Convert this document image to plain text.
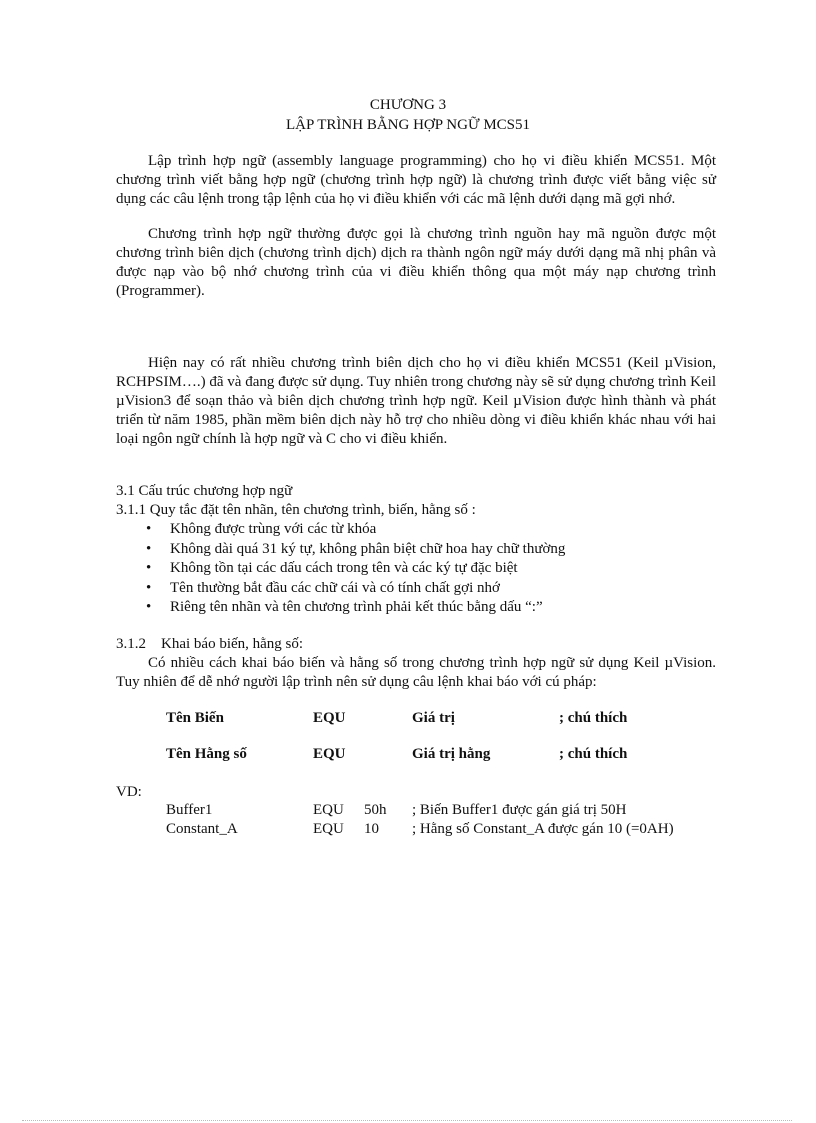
CHƯƠNG 3
LẬP TRÌNH BẰNG HỢP NGỮ MCS51

Lập trình hợp ngữ (assembly language programming) cho họ vi điều khiển MCS51. Một chương trình viết bằng hợp ngữ (chương trình hợp ngữ) là chương trình được viết bằng việc sử dụng các câu lệnh trong tập lệnh của họ vi điều khiển với các mã lệnh dưới dạng mã gợi nhớ.

Chương trình hợp ngữ thường được gọi là chương trình nguồn hay mã nguồn được một chương trình biên dịch (chương trình dịch) dịch ra thành ngôn ngữ máy dưới dạng mã nhị phân và được nạp vào bộ nhớ chương trình của vi điều khiển thông qua một máy nạp chương trình (Programmer).

Hiện nay có rất nhiều chương trình biên dịch cho họ vi điều khiển MCS51 (Keil µVision, RCHPSIM….) đã và đang được sử dụng. Tuy nhiên trong chương này sẽ sử dụng chương trình Keil µVision3 để soạn thảo và biên dịch chương trình hợp ngữ. Keil µVision được hình thành và phát triển từ năm 1985, phần mềm biên dịch này hỗ trợ cho nhiều dòng vi điều khiển khác nhau với hai loại ngôn ngữ chính là hợp ngữ và C cho vi điều khiển.

3.1 Cấu trúc chương hợp ngữ
3.1.1 Quy tắc đặt tên nhãn, tên chương trình, biến, hằng số :
• Không được trùng với các từ khóa
• Không dài quá 31 ký tự, không phân biệt chữ hoa hay chữ thường
• Không tồn tại các dấu cách trong tên và các ký tự đặc biệt
• Tên thường bắt đầu các chữ cái và có tính chất gợi nhớ
• Riêng tên nhãn và tên chương trình phải kết thúc bằng dấu “:”
3.1.2    Khai báo biến, hằng số:

Có nhiều cách khai báo biến và hằng số trong chương trình hợp ngữ sử dụng Keil µVision. Tuy nhiên để dễ nhớ người lập trình nên sử dụng câu lệnh khai báo với cú pháp:

Tên Biến	EQU	Giá trị	; chú thích
Tên Hằng số	EQU	Giá trị hằng	; chú thích
VD:
Buffer1	EQU 50h ; Biến Buffer1 được gán giá trị 50H
Constant_A	EQU 10 ; Hằng số Constant_A được gán 10 (=0AH)
